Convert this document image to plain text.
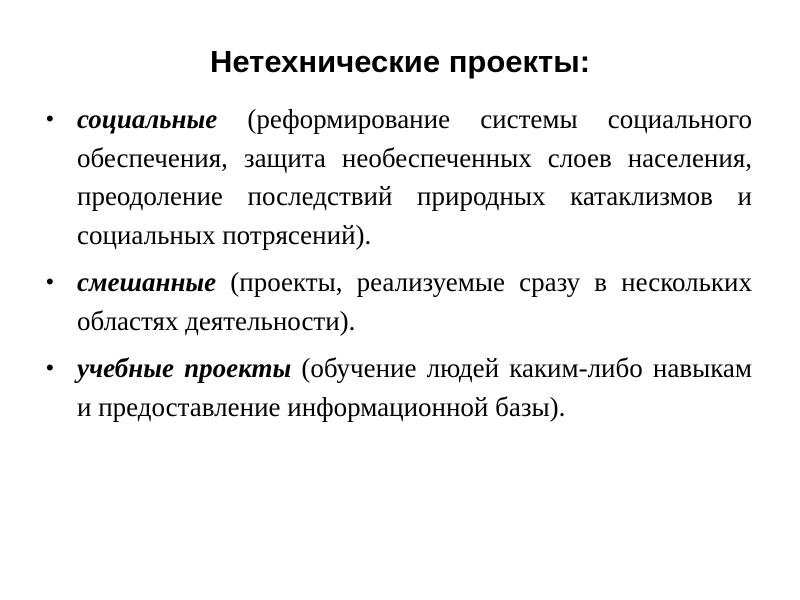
Нетехнические проекты:
• социальные (реформирование системы социального обеспечения, защита необеспеченных слоев населения, преодоление последствий природных катаклизмов и социальных потрясений).
• смешанные (проекты, реализуемые сразу в нескольких областях деятельности).
• учебные проекты (обучение людей каким-либо навыкам и предоставление информационной базы).
